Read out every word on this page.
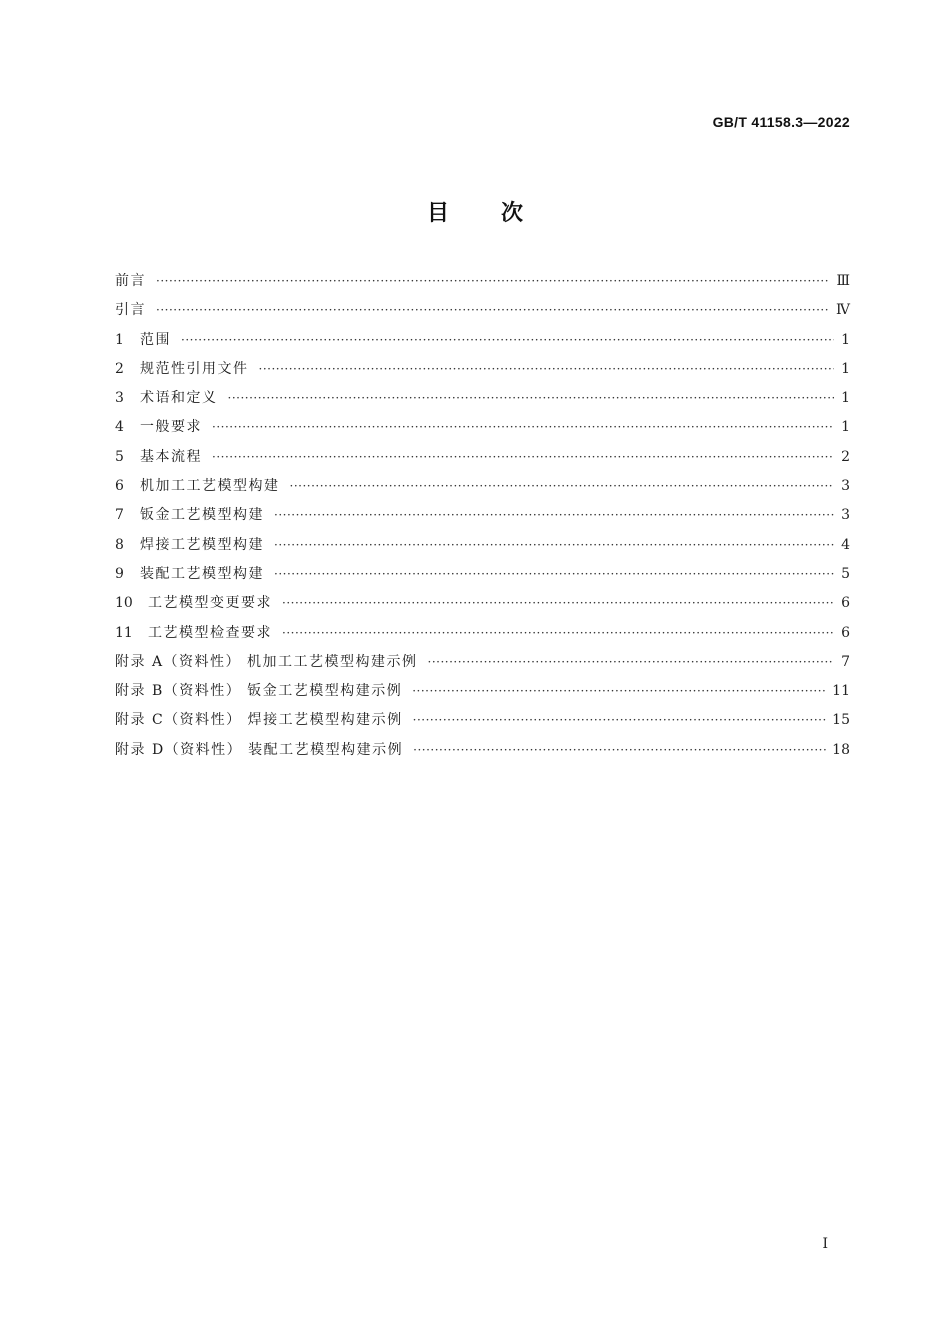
GB/T 41158.3—2022
目 次
前言 ·····	Ⅲ
引言 ·····	Ⅳ
1	范围 ·····	1
2	规范性引用文件 ·····	1
3	术语和定义 ·····	1
4	一般要求 ·····	1
5	基本流程 ·····	2
6	机加工工艺模型构建 ·····	3
7	钣金工艺模型构建 ·····	3
8	焊接工艺模型构建 ·····	4
9	装配工艺模型构建 ·····	5
10	工艺模型变更要求 ·····	6
11	工艺模型检查要求 ·····	6
附录 A（资料性） 机加工工艺模型构建示例 ·····	7
附录 B（资料性） 钣金工艺模型构建示例 ·····	11
附录 C（资料性） 焊接工艺模型构建示例 ·····	15
附录 D（资料性） 装配工艺模型构建示例 ·····	18
Ⅰ
